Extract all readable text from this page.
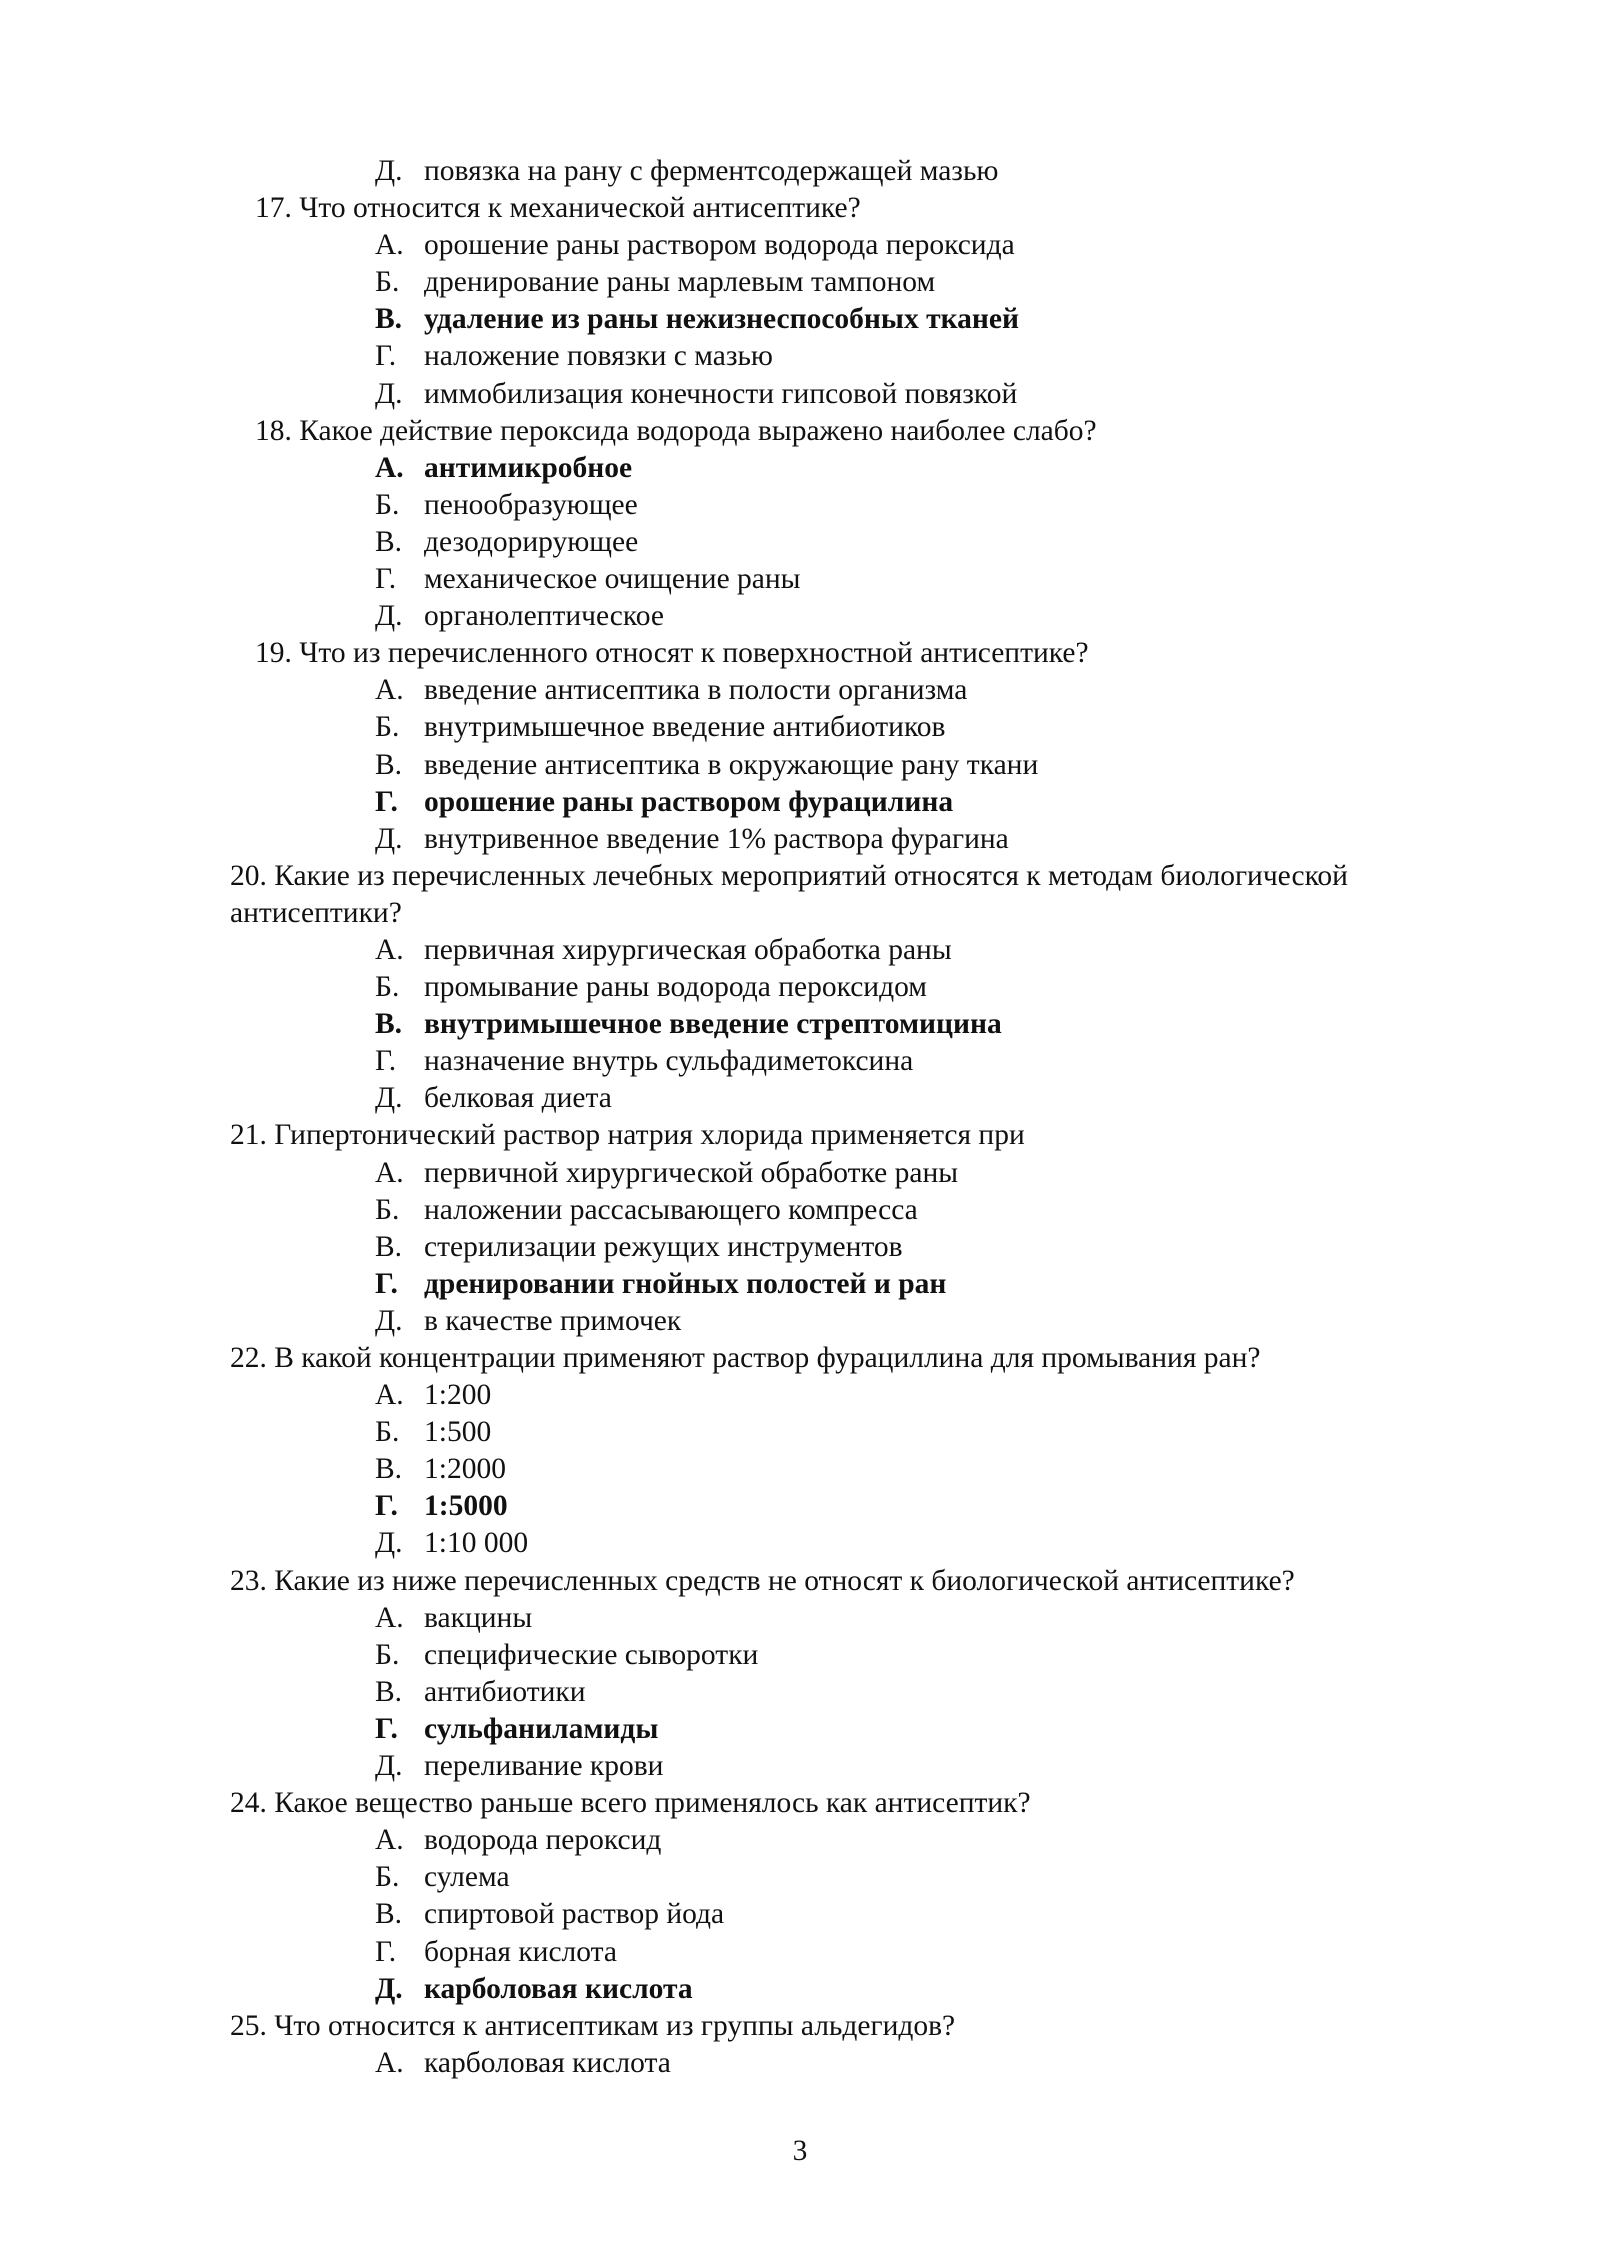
Д. повязка на рану с ферментсодержащей мазью
17. Что относится к механической антисептике?
А. орошение раны раствором водорода пероксида
Б. дренирование раны марлевым тампоном
В. удаление из раны нежизнеспособных тканей
Г. наложение повязки с мазью
Д. иммобилизация конечности гипсовой повязкой
18. Какое действие пероксида водорода выражено наиболее слабо?
А. антимикробное
Б. пенообразующее
В. дезодорирующее
Г. механическое очищение раны
Д. органолептическое
19. Что из перечисленного относят к поверхностной антисептике?
А. введение антисептика в полости организма
Б. внутримышечное введение антибиотиков
В. введение антисептика в окружающие рану ткани
Г. орошение раны раствором фурацилина
Д. внутривенное введение 1% раствора фурагина
20. Какие из перечисленных лечебных мероприятий относятся к методам биологической
антисептики?
А. первичная хирургическая обработка раны
Б. промывание раны водорода пероксидом
В. внутримышечное введение стрептомицина
Г. назначение внутрь сульфадиметоксина
Д. белковая диета
21. Гипертонический раствор натрия хлорида применяется при
А. первичной хирургической обработке раны
Б. наложении рассасывающего компресса
В. стерилизации режущих инструментов
Г. дренировании гнойных полостей и ран
Д. в качестве примочек
22. В какой концентрации применяют раствор фурациллина для промывания ран?
А. 1:200
Б. 1:500
В. 1:2000
Г. 1:5000
Д. 1:10 000
23. Какие из ниже перечисленных средств не относят к биологической антисептике?
А. вакцины
Б. специфические сыворотки
В. антибиотики
Г. сульфаниламиды
Д. переливание крови
24. Какое вещество раньше всего применялось как антисептик?
А. водорода пероксид
Б. сулема
В. спиртовой раствор йода
Г. борная кислота
Д. карболовая кислота
25. Что относится к антисептикам из группы альдегидов?
А. карболовая кислота
3
